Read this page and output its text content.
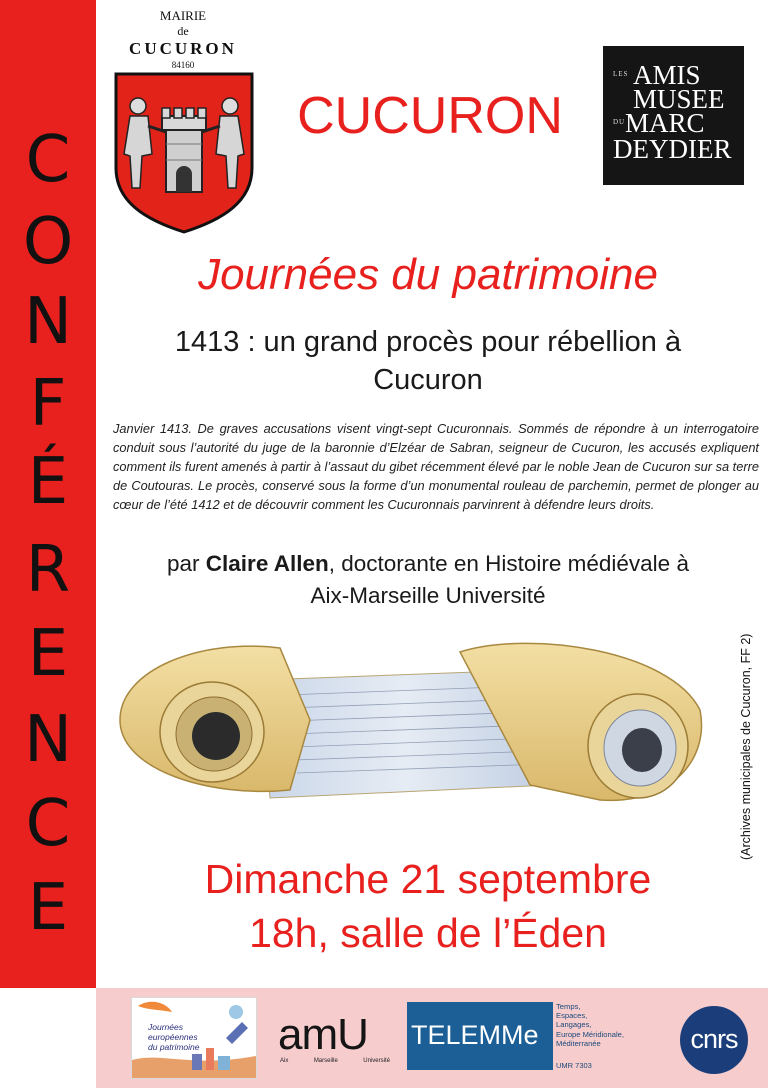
C
O
N
F
É
R
E
N
C
E
MAIRIE
de
CUCURON
84160
CUCURON
LES AMIS
MUSEE
DU MARC
DEYDIER
Journées du patrimoine
1413 : un grand procès pour rébellion à
Cucuron
Janvier 1413. De graves accusations visent vingt-sept Cucuronnais. Sommés de répondre à un interrogatoire conduit sous l’autorité du juge de la baronnie d’Elzéar de Sabran, seigneur de Cucuron, les accusés expliquent comment ils furent amenés à partir à l’assaut du gibet récemment élevé par le noble Jean de Cucuron sur sa terre de Coutouras. Le procès, conservé sous la forme d’un monumental rouleau de parchemin, permet de plonger au cœur de l’été 1412 et de découvrir comment les Cucuronnais parvinrent à défendre leurs droits.
par Claire Allen, doctorante en Histoire médiévale à
Aix-Marseille Université
(Archives municipales de Cucuron, FF 2)
Dimanche 21 septembre
18h, salle de l’Éden
Journées
européennes
du patrimoine	amU
Aix	Marseille	Université
TELEMMe
Temps,
Espaces,
Langages,
Europe Méridionale,
Méditerranée
UMR 7303
cnrs
